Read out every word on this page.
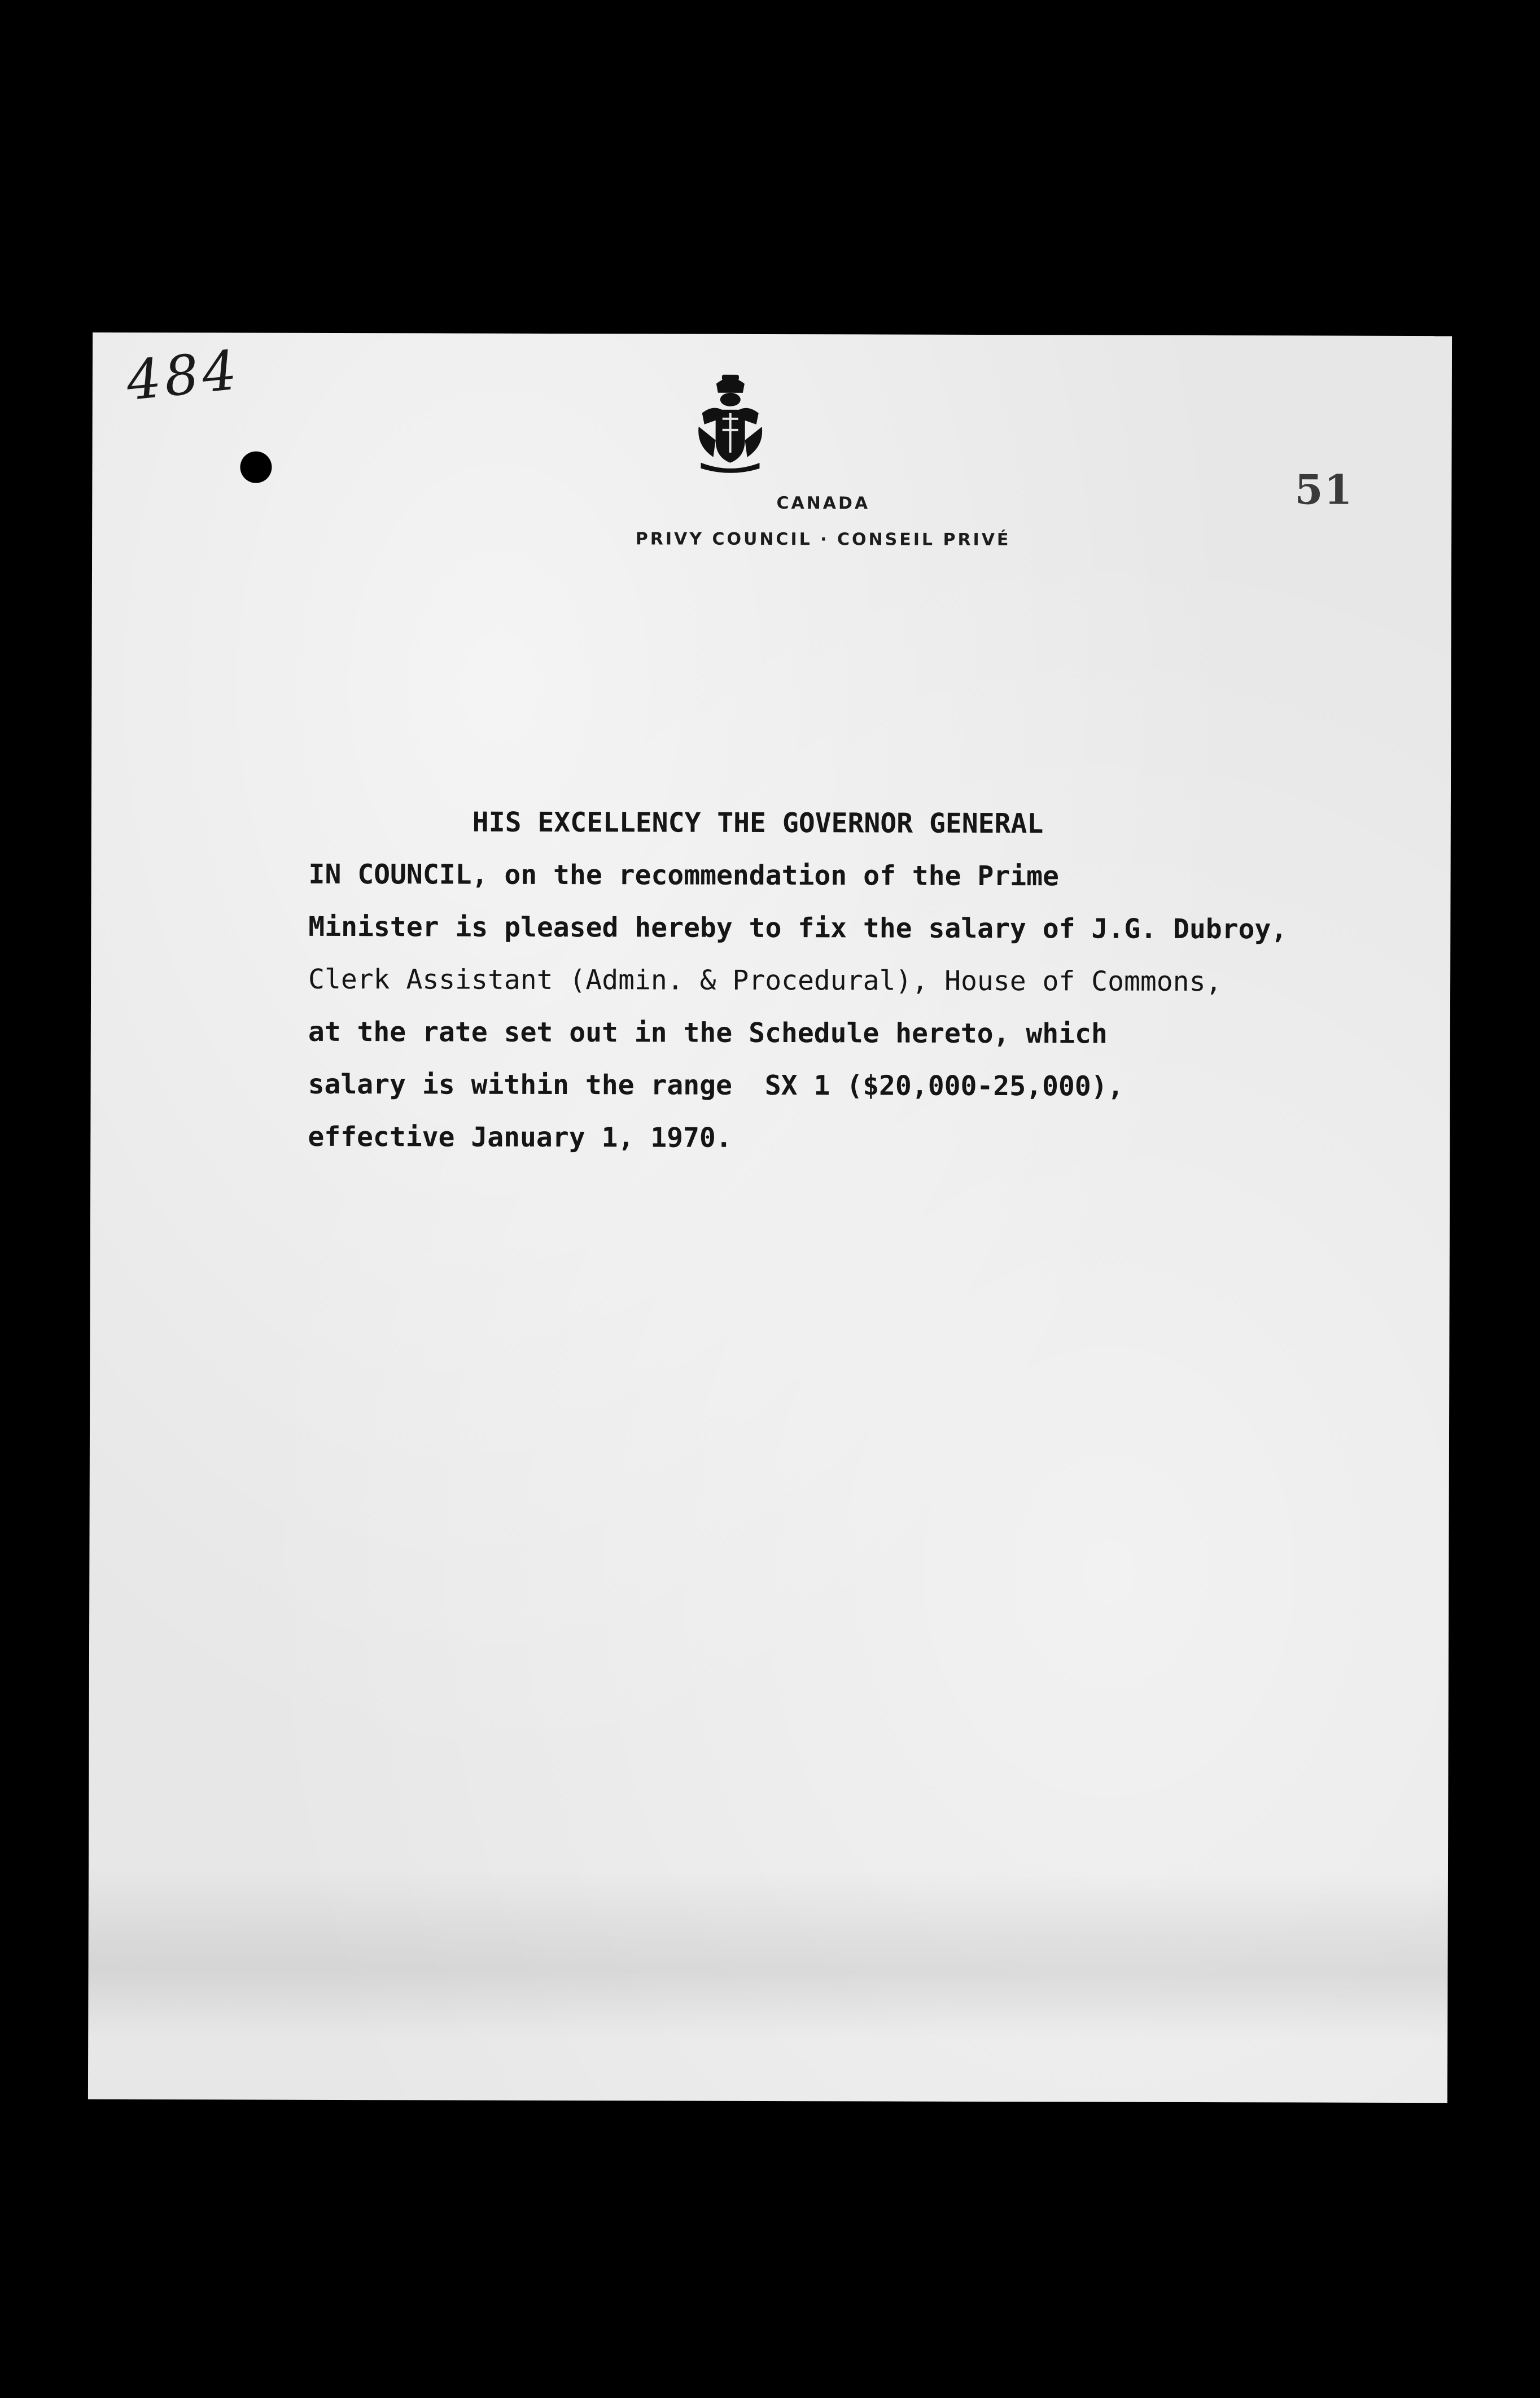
484
51
CANADA
PRIVY COUNCIL · CONSEIL PRIVÉ
HIS EXCELLENCY THE GOVERNOR GENERAL
IN COUNCIL, on the recommendation of the Prime
Minister is pleased hereby to fix the salary of J.G. Dubroy,
Clerk Assistant (Admin. & Procedural), House of Commons,
at the rate set out in the Schedule hereto, which
salary is within the range  SX 1 ($20,000-25,000),
effective January 1, 1970.
